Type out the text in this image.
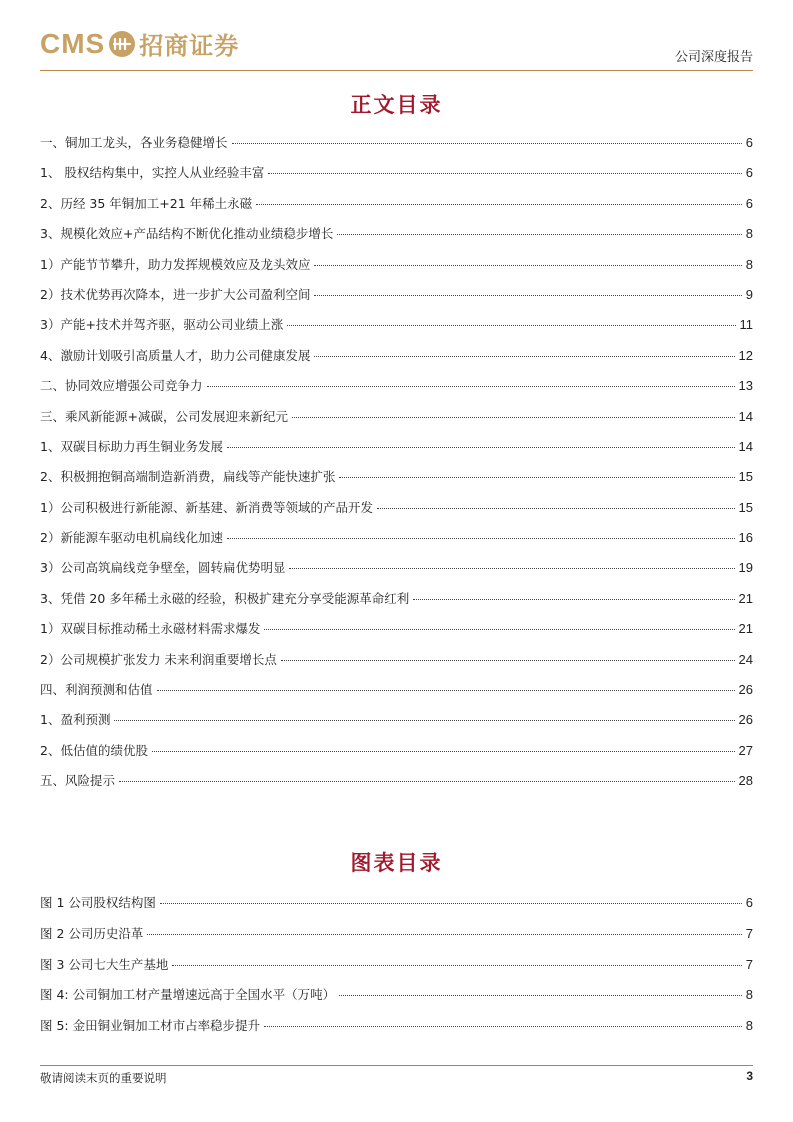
CMS 招商证券	公司深度报告
正文目录
一、铜加工龙头，各业务稳健增长	6
1、 股权结构集中，实控人从业经验丰富	6
2、历经 35 年铜加工+21 年稀土永磁	6
3、规模化效应+产品结构不断优化推动业绩稳步增长	8
1）产能节节攀升，助力发挥规模效应及龙头效应	8
2）技术优势再次降本，进一步扩大公司盈利空间	9
3）产能+技术并驾齐驱，驱动公司业绩上涨	11
4、激励计划吸引高质量人才，助力公司健康发展	12
二、协同效应增强公司竞争力	13
三、乘风新能源+减碳，公司发展迎来新纪元	14
1、双碳目标助力再生铜业务发展	14
2、积极拥抱铜高端制造新消费，扁线等产能快速扩张	15
1）公司积极进行新能源、新基建、新消费等领域的产品开发	15
2）新能源车驱动电机扁线化加速	16
3）公司高筑扁线竞争壁垒，圆转扁优势明显	19
3、凭借 20 多年稀土永磁的经验，积极扩建充分享受能源革命红利	21
1）双碳目标推动稀土永磁材料需求爆发	21
2）公司规模扩张发力 未来利润重要增长点	24
四、利润预测和估值	26
1、盈利预测	26
2、低估值的绩优股	27
五、风险提示	28
图表目录
图 1 公司股权结构图	6
图 2 公司历史沿革	7
图 3 公司七大生产基地	7
图 4: 公司铜加工材产量增速远高于全国水平（万吨）	8
图 5: 金田铜业铜加工材市占率稳步提升	8
敬请阅读末页的重要说明	3
